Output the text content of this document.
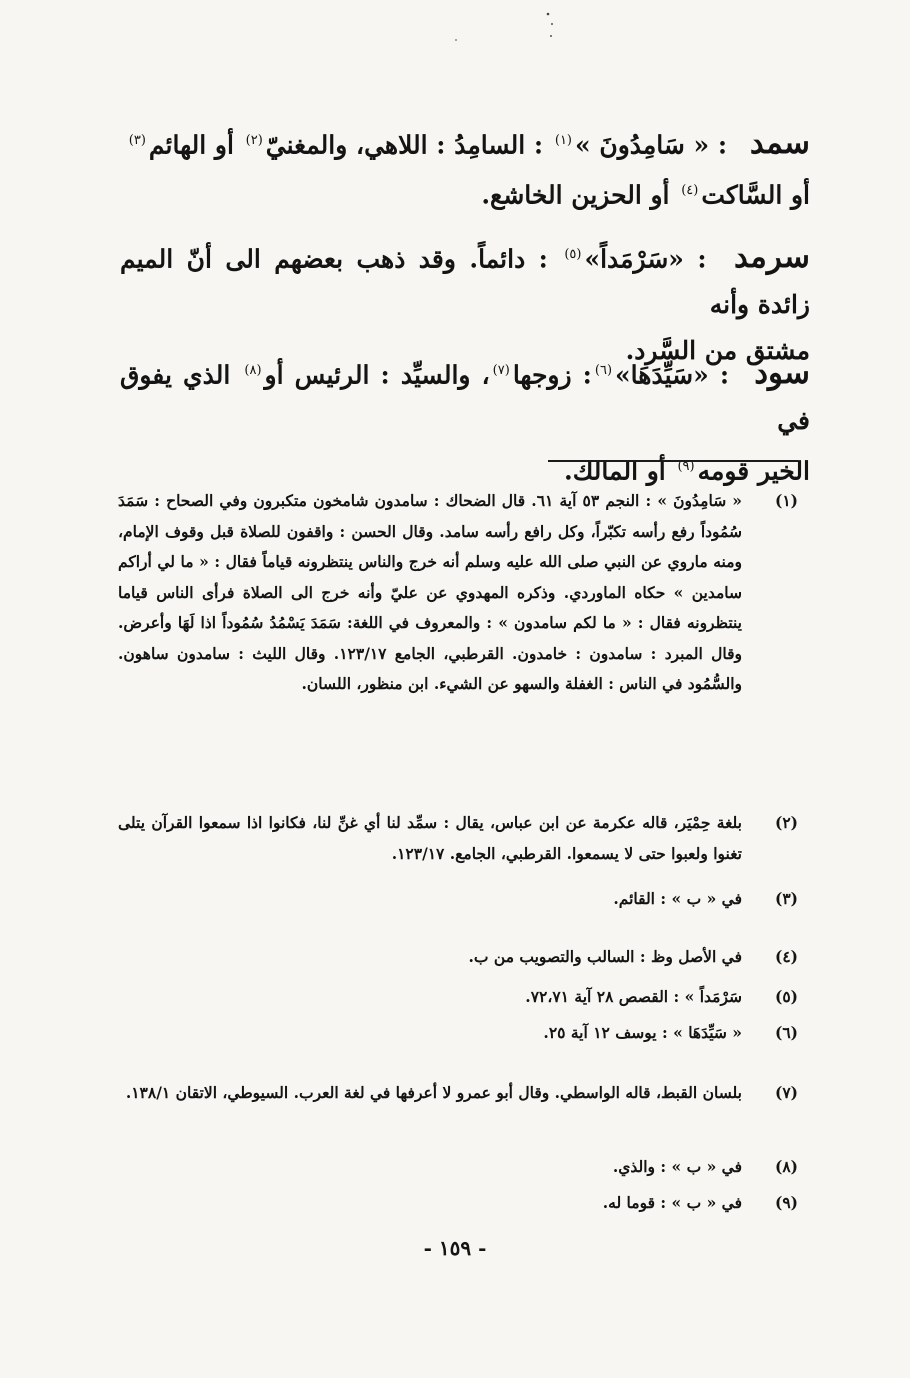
سمد : « سَامِدُونَ »$^{(١)}$ : السامِدُ : اللاهي، والمغنيّ$^{(٢)}$ أو الهائم$^{(٣)}$
أو السَّاكت$^{(٤)}$ أو الحزين الخاشع.
سرمد : «سَرْمَداً»$^{(٥)}$ : دائماً. وقد ذهب بعضهم الى أنّ الميم زائدة وأنه
مشتق من السَّرد.
سود : «سَيِّدَهَا»$^{(٦)}$: زوجها$^{(٧)}$، والسيِّد : الرئيس أو$^{(٨)}$ الذي يفوق في
الخير قومه$^{(٩)}$ أو المالك.
(١)
« سَامِدُونَ » : النجم ٥٣ آية ٦١. قال الضحاك : سامدون شامخون متكبرون وفي الصحاح : سَمَدَ سُمُوداً رفع رأسه تكبّراً، وكل رافع رأسه سامد. وقال الحسن : واقفون للصلاة قبل وقوف الإمام، ومنه ماروي عن النبي صلى الله عليه وسلم أنه خرج والناس ينتظرونه قياماً فقال : « ما لي أراكم سامدين » حكاه الماوردي. وذكره المهدوي عن عليّ وأنه خرج الى الصلاة فرأى الناس قياما ينتظرونه فقال : « ما لكم سامدون » : والمعروف في اللغة: سَمَدَ يَسْمُدُ سُمُوداً اذا لَهَا وأعرض. وقال المبرد : سامدون : خامدون. القرطبي، الجامع ١٢٣/١٧. وقال الليث : سامدون ساهون. والسُّمُود في الناس : الغفلة والسهو عن الشيء. ابن منظور، اللسان.
(٢)
بلغة حِمْيَر، قاله عكرمة عن ابن عباس، يقال : سمِّد لنا أي غنِّ لنا، فكانوا اذا سمعوا القرآن يتلى تغنوا ولعبوا حتى لا يسمعوا. القرطبي، الجامع. ١٢٣/١٧.
(٣)
في « ب » : القائم.
(٤)
في الأصل وظ : السالب والتصويب من ب.
(٥)
سَرْمَداً » : القصص ٢٨ آية ٧٢،٧١.
(٦)
« سَيِّدَهَا » : يوسف ١٢ آية ٢٥.
(٧)
بلسان القبط، قاله الواسطي. وقال أبو عمرو لا أعرفها في لغة العرب. السيوطي، الاتقان ١٣٨/١.
(٨)
في « ب » : والذي.
(٩)
في « ب » : قوما له.
- ١٥٩ -
